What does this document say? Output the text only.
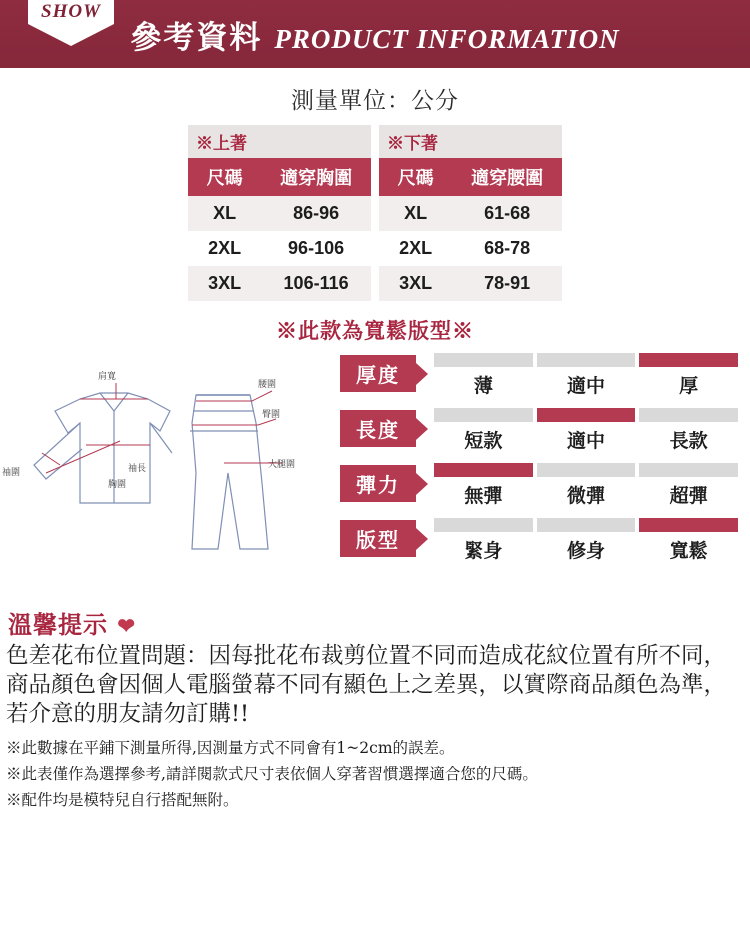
SHOW
參考資料 PRODUCT INFORMATION
測量單位：公分
※上著
尺碼	適穿胸圍
XL	86-96
2XL	96-106
3XL	106-116
※下著
尺碼	適穿腰圍
XL	61-68
2XL	68-78
3XL	78-91
※此款為寬鬆版型※
肩寬
袖圍	袖長
胸圍
腰圍
臀圍
大腿圍
厚度	薄	適中	厚
長度	短款	適中	長款
彈力	無彈	微彈	超彈
版型	緊身	修身	寬鬆
溫馨提示 ❤
色差花布位置問題：因每批花布裁剪位置不同而造成花紋位置有所不同，商品顏色會因個人電腦螢幕不同有顯色上之差異，以實際商品顏色為準，若介意的朋友請勿訂購!!
※此數據在平鋪下測量所得,因測量方式不同會有1~2cm的誤差。
※此表僅作為選擇參考,請詳閱款式尺寸表依個人穿著習慣選擇適合您的尺碼。
※配件均是模特兒自行搭配無附。
